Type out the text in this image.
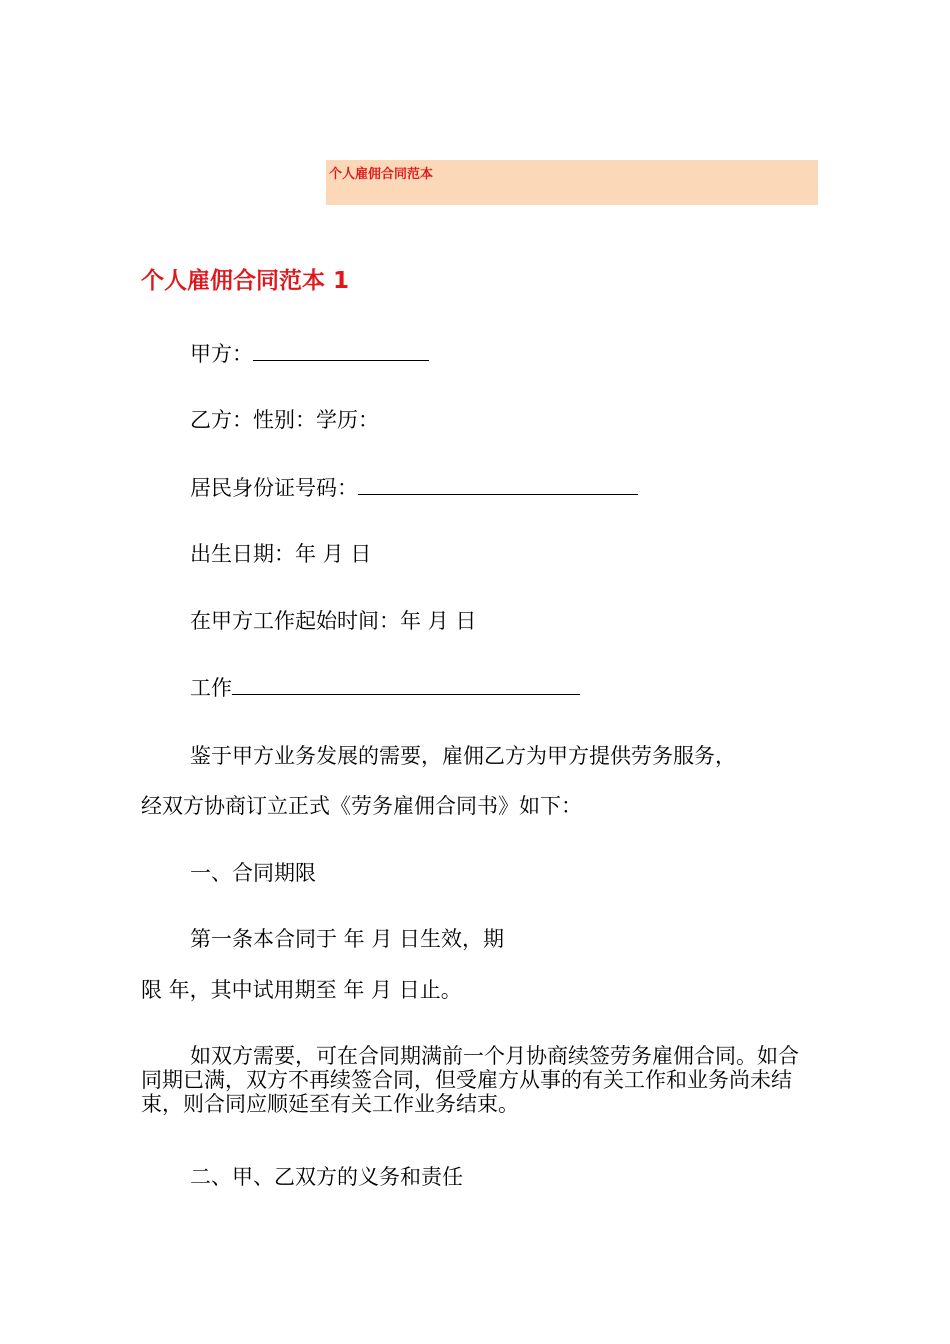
个人雇佣合同范本
个人雇佣合同范本 1
甲方：
乙方：性别：学历：
居民身份证号码：
出生日期：年 月 日
在甲方工作起始时间：年 月 日
工作
鉴于甲方业务发展的需要，雇佣乙方为甲方提供劳务服务，
经双方协商订立正式《劳务雇佣合同书》如下：
一、合同期限
第一条本合同于 年 月 日生效，期
限 年，其中试用期至 年 月 日止。
如双方需要，可在合同期满前一个月协商续签劳务雇佣合同。如合同期已满，双方不再续签合同，但受雇方从事的有关工作和业务尚未结束，则合同应顺延至有关工作业务结束。
二、甲、乙双方的义务和责任
